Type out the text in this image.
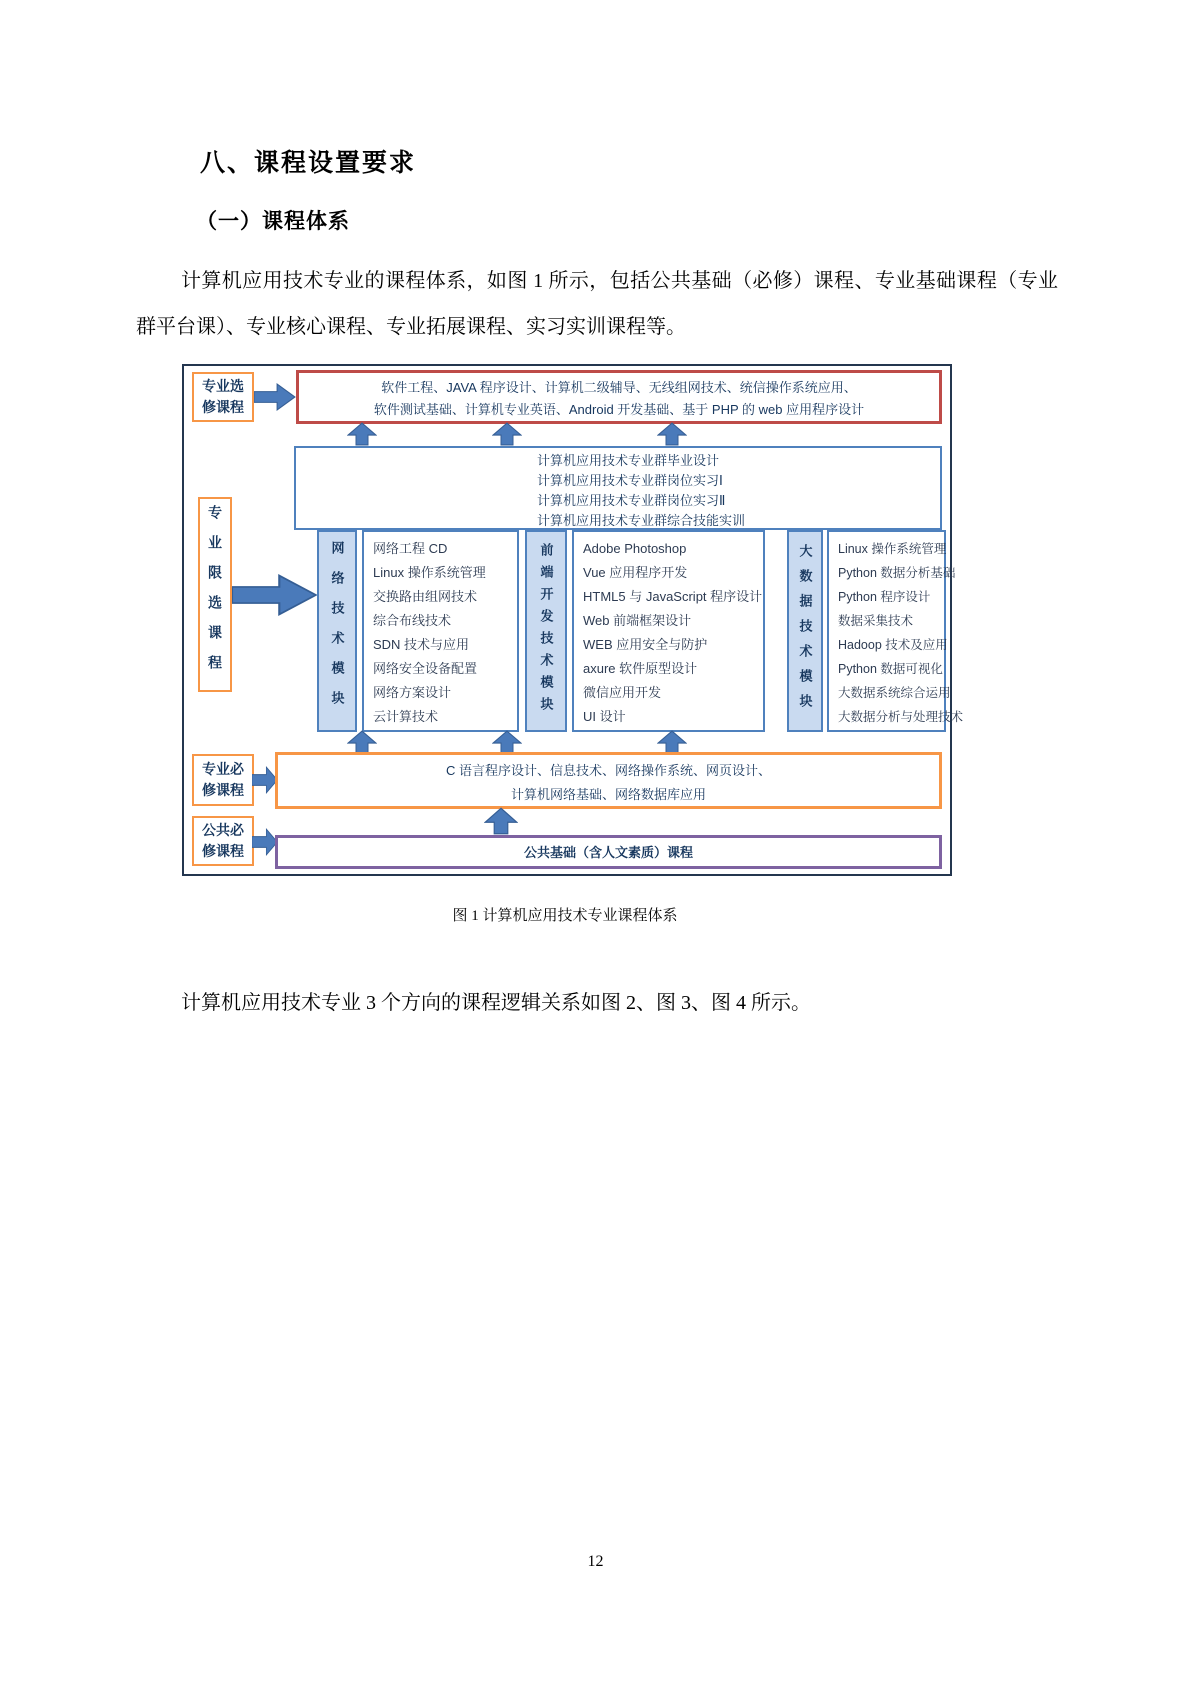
八、课程设置要求
（一）课程体系
计算机应用技术专业的课程体系，如图 1 所示，包括公共基础（必修）课程、专业基础课程（专业群平台课）、专业核心课程、专业拓展课程、实习实训课程等。
专业选修课程
专业限选课程
专业必修课程
公共必修课程
软件工程、JAVA 程序设计、计算机二级辅导、无线组网技术、统信操作系统应用、
软件测试基础、计算机专业英语、Android 开发基础、基于 PHP 的 web 应用程序设计
计算机应用技术专业群毕业设计
计算机应用技术专业群岗位实习Ⅰ
计算机应用技术专业群岗位实习Ⅱ
计算机应用技术专业群综合技能实训
网络技术模块	网络工程 CD
Linux 操作系统管理
交换路由组网技术
综合布线技术
SDN 技术与应用
网络安全设备配置
网络方案设计
云计算技术	前端开发技术模块	Adobe Photoshop
Vue 应用程序开发
HTML5 与 JavaScript 程序设计
Web 前端框架设计
WEB 应用安全与防护
axure 软件原型设计
微信应用开发
UI 设计	大数据技术模块	Linux 操作系统管理
Python 数据分析基础
Python 程序设计
数据采集技术
Hadoop 技术及应用
Python 数据可视化
大数据系统综合运用
大数据分析与处理技术
C 语言程序设计、信息技术、网络操作系统、网页设计、
计算机网络基础、网络数据库应用
公共基础（含人文素质）课程
图 1 计算机应用技术专业课程体系
计算机应用技术专业 3 个方向的课程逻辑关系如图 2、图 3、图 4 所示。
12
